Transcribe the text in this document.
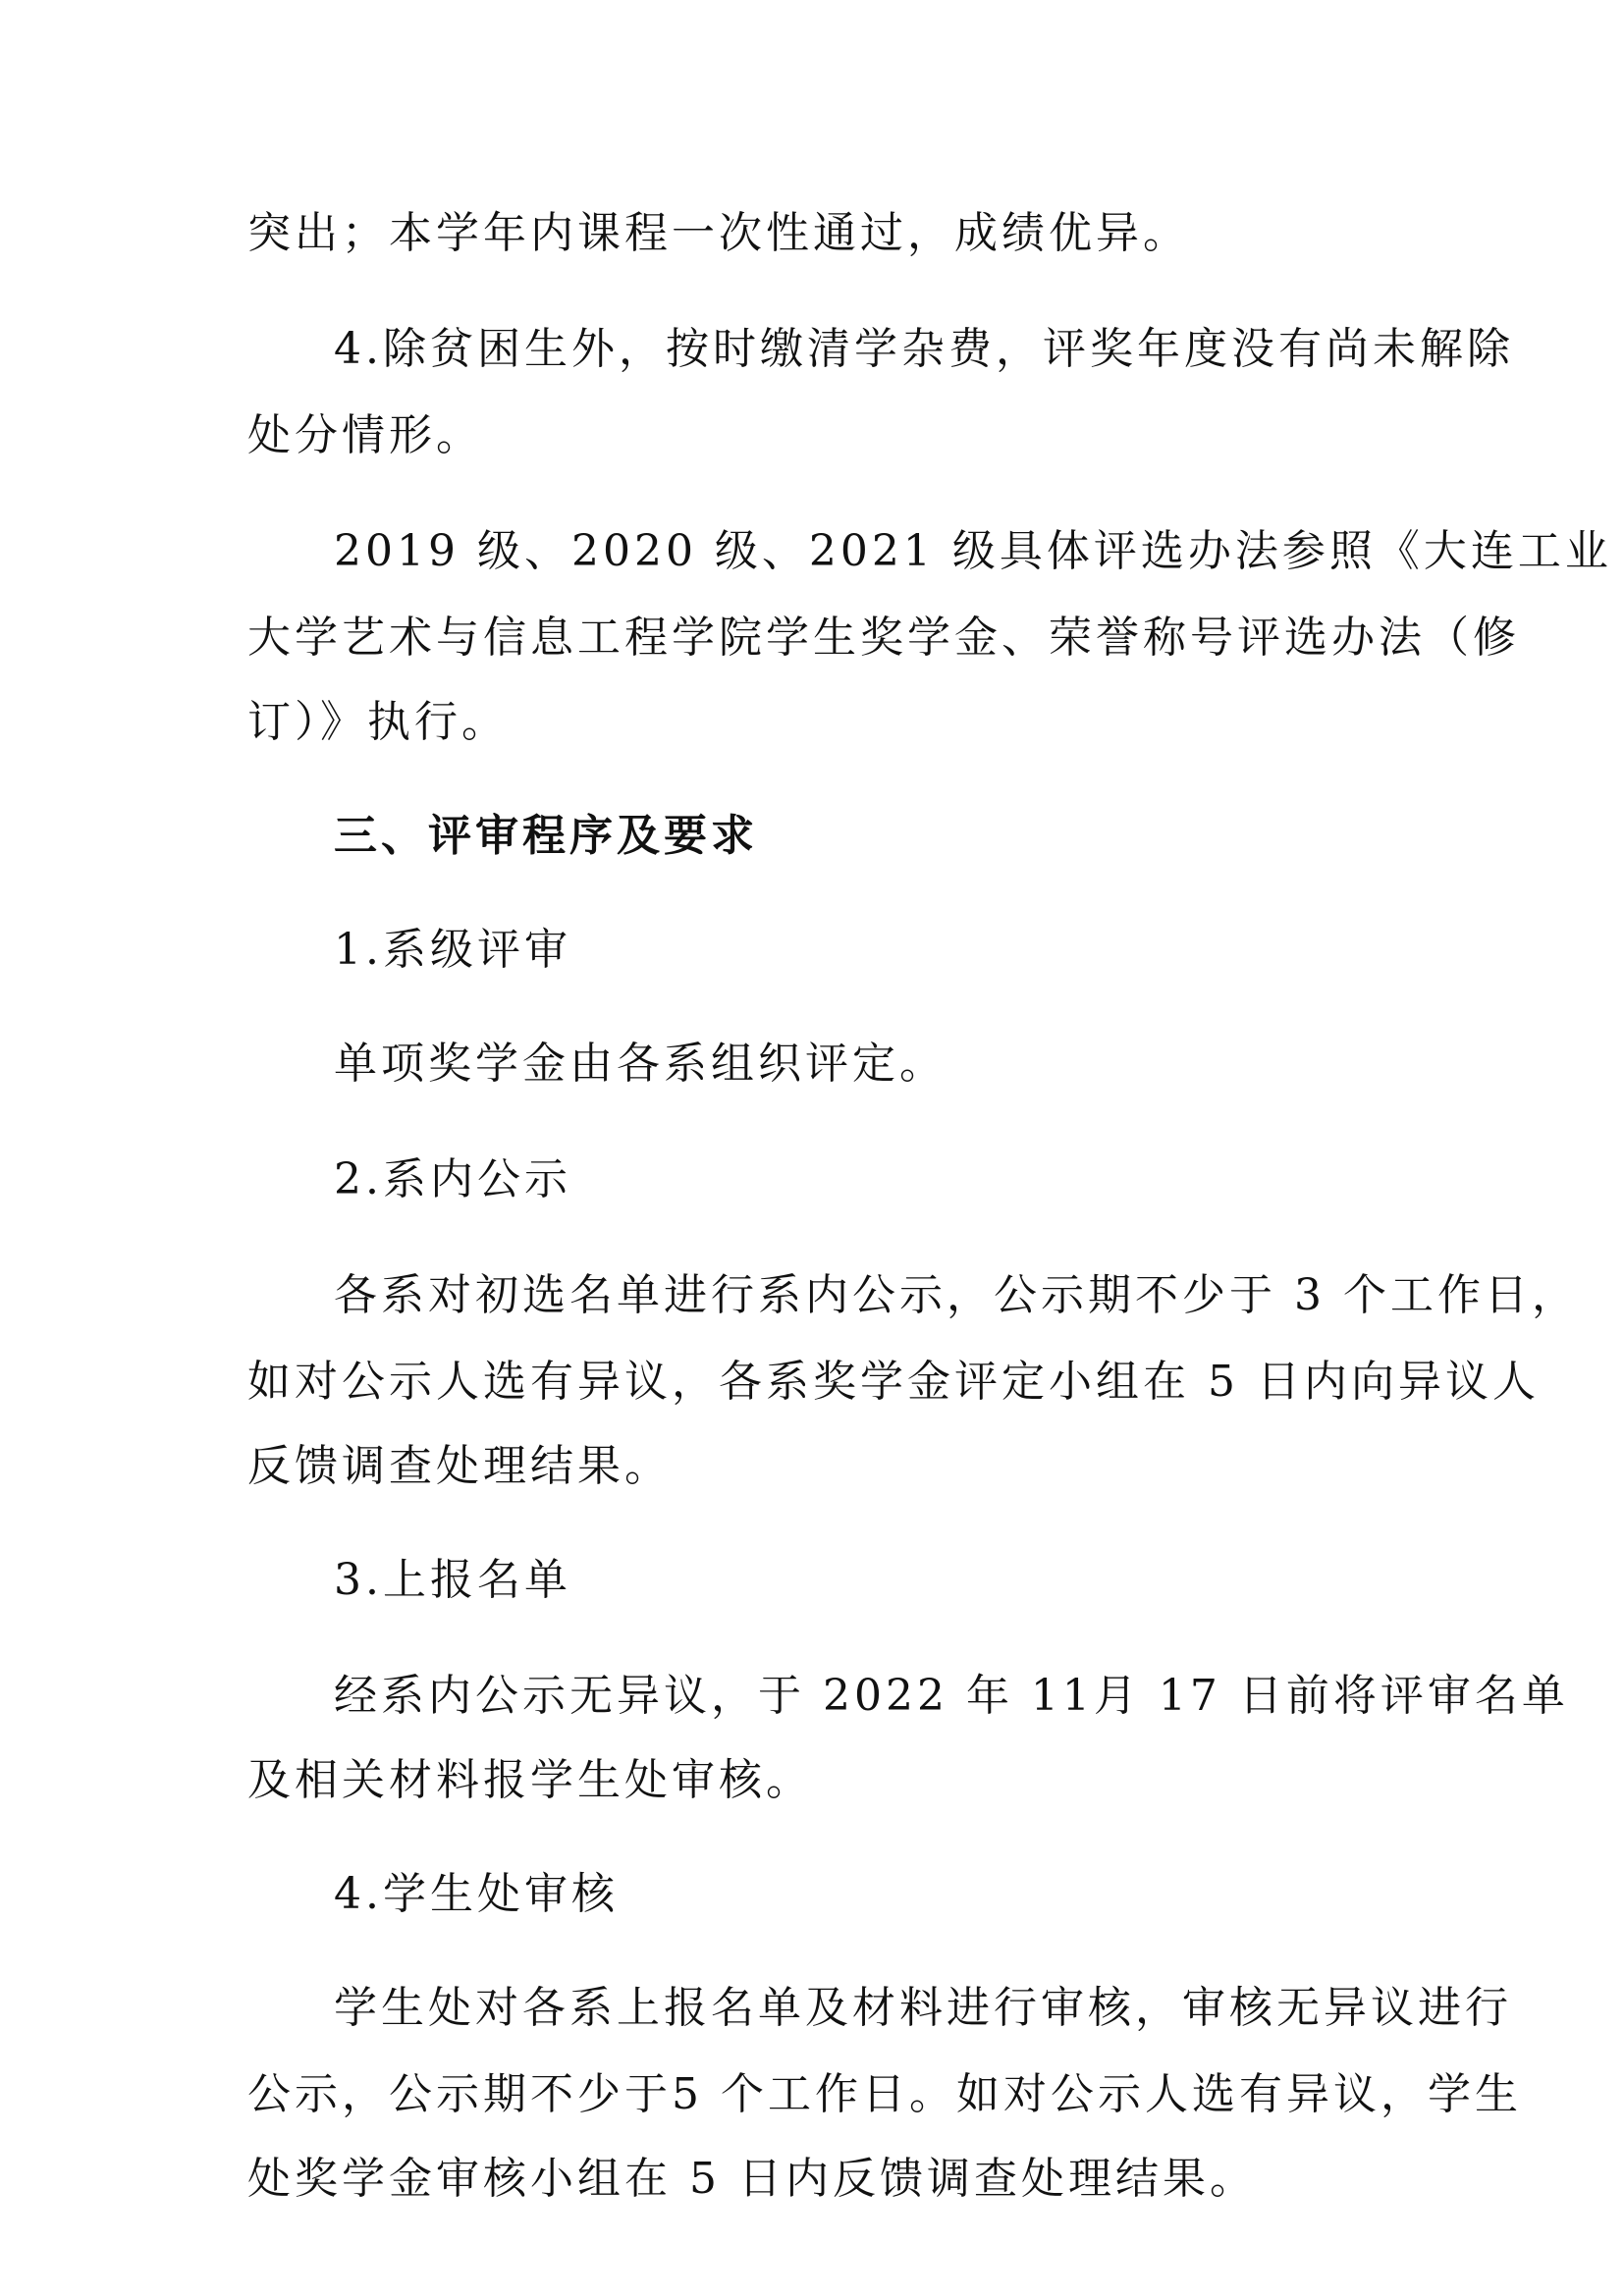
突出；本学年内课程一次性通过，成绩优异。
4.除贫困生外，按时缴清学杂费，评奖年度没有尚未解除
处分情形。
2019 级、2020 级、2021 级具体评选办法参照《大连工业
大学艺术与信息工程学院学生奖学金、荣誉称号评选办法（修
订）》执行。
三、评审程序及要求
1.系级评审
单项奖学金由各系组织评定。
2.系内公示
各系对初选名单进行系内公示，公示期不少于 3 个工作日，
如对公示人选有异议，各系奖学金评定小组在 5 日内向异议人
反馈调查处理结果。
3.上报名单
经系内公示无异议，于 2022 年 11月 17 日前将评审名单
及相关材料报学生处审核。
4.学生处审核
学生处对各系上报名单及材料进行审核，审核无异议进行
公示，公示期不少于5 个工作日。如对公示人选有异议，学生
处奖学金审核小组在 5 日内反馈调查处理结果。
